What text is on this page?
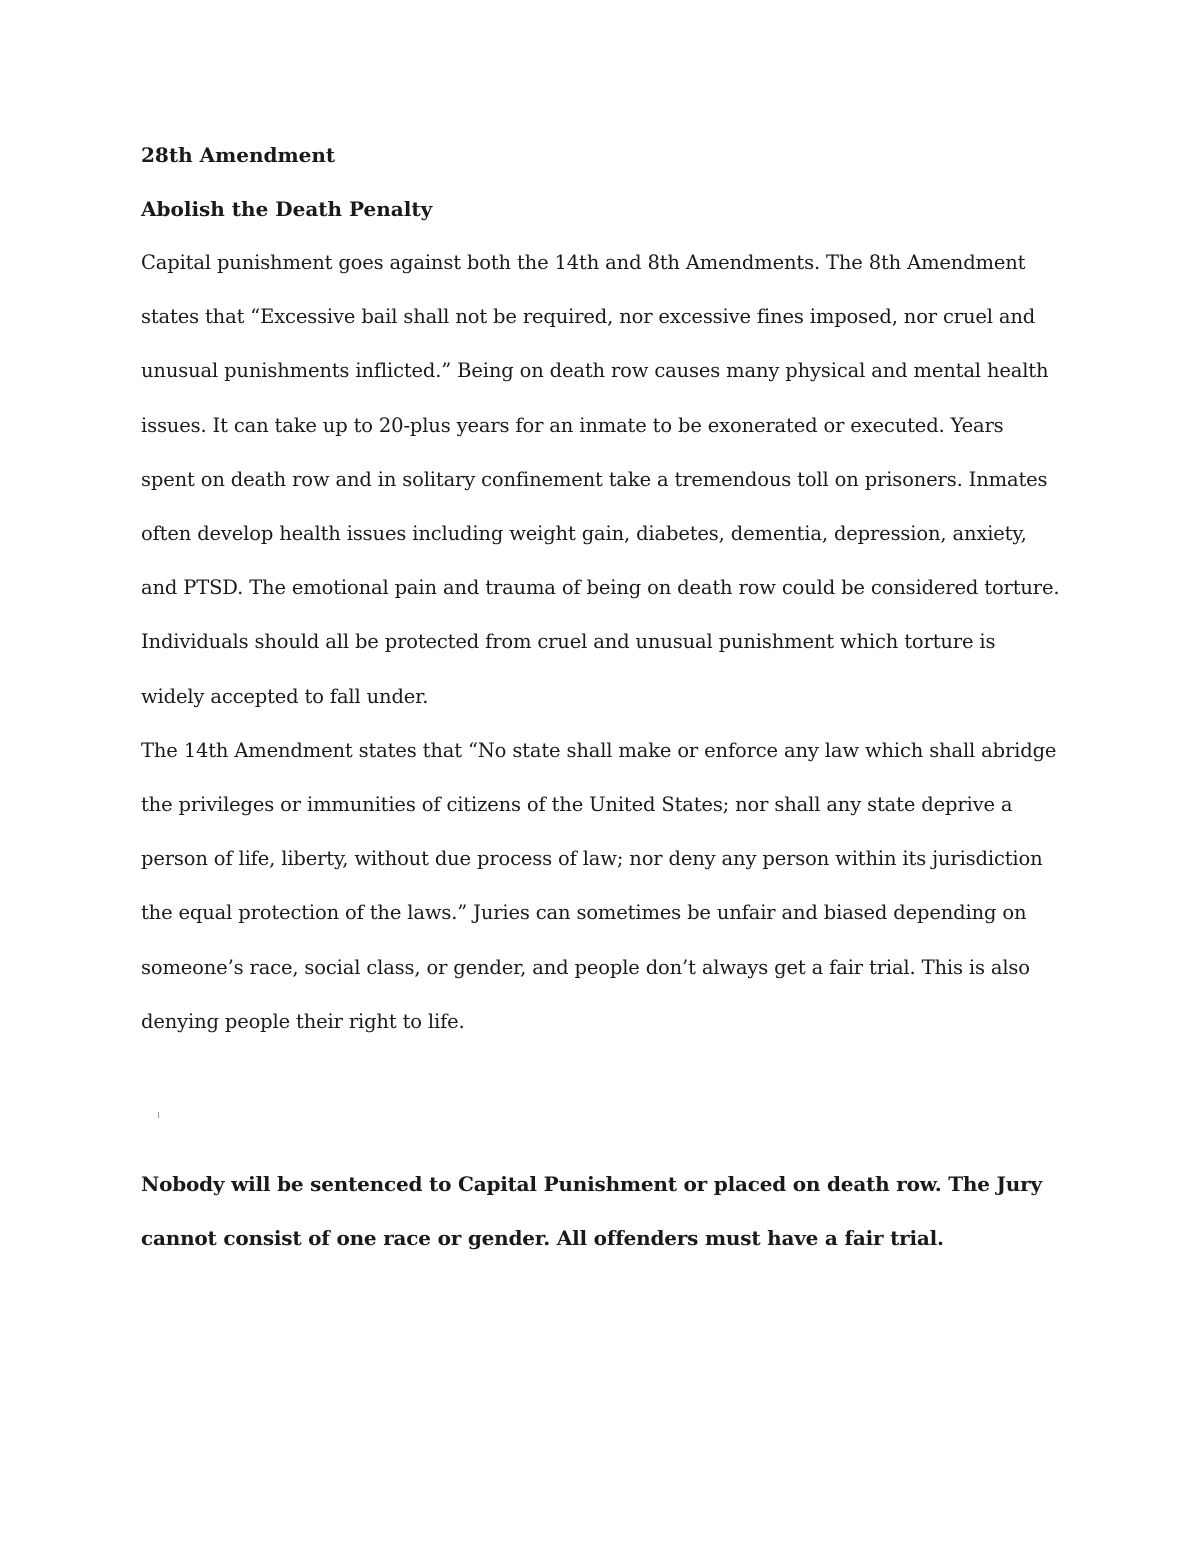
28th Amendment
Abolish the Death Penalty

Capital punishment goes against both the 14th and 8th Amendments. The 8th Amendment states that “Excessive bail shall not be required, nor excessive fines imposed, nor cruel and unusual punishments inflicted.” Being on death row causes many physical and mental health issues. It can take up to 20-plus years for an inmate to be exonerated or executed. Years spent on death row and in solitary confinement take a tremendous toll on prisoners. Inmates often develop health issues including weight gain, diabetes, dementia, depression, anxiety, and PTSD. The emotional pain and trauma of being on death row could be considered torture. Individuals should all be protected from cruel and unusual punishment which torture is widely accepted to fall under.

The 14th Amendment states that “No state shall make or enforce any law which shall abridge the privileges or immunities of citizens of the United States; nor shall any state deprive a person of life, liberty, without due process of law; nor deny any person within its jurisdiction the equal protection of the laws.” Juries can sometimes be unfair and biased depending on someone’s race, social class, or gender, and people don’t always get a fair trial. This is also denying people their right to life.

Nobody will be sentenced to Capital Punishment or placed on death row. The Jury cannot consist of one race or gender. All offenders must have a fair trial.
